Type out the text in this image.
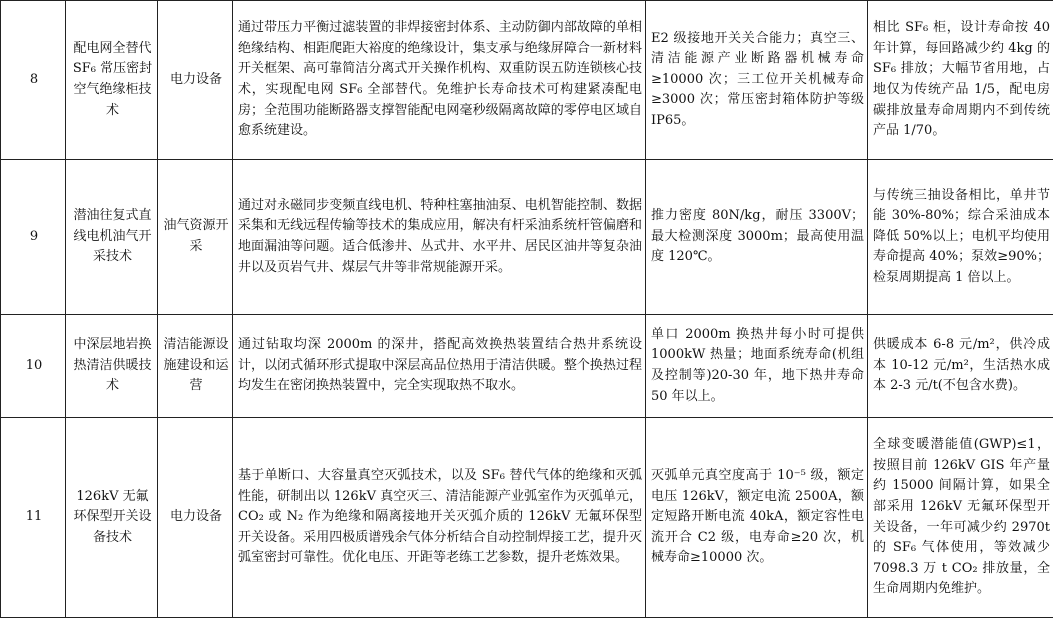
8	配电网全替代 SF₆ 常压密封空气绝缘柜技术	电力设备	通过带压力平衡过滤装置的非焊接密封体系、主动防御内部故障的单相绝缘结构、相距爬距大裕度的绝缘设计，集支承与绝缘屏障合一新材料开关框架、高可靠简洁分离式开关操作机构、双重防误五防连锁核心技术，实现配电网 SF₆ 全部替代。免维护长寿命技术可构建紧凑配电房；全范围功能断路器支撑智能配电网毫秒级隔离故障的零停电区域自愈系统建设。	E2 级接地开关关合能力；真空三、清洁能源产业断路器机械寿命≥10000 次；三工位开关机械寿命≥3000 次；常压密封箱体防护等级 IP65。	相比 SF₆ 柜，设计寿命按 40 年计算，每回路减少约 4kg 的 SF₆ 排放；大幅节省用地，占地仅为传统产品 1/5，配电房碳排放量寿命周期内不到传统产品 1/70。
9	潜油往复式直线电机油气开采技术	油气资源开采	通过对永磁同步变频直线电机、特种柱塞抽油泵、电机智能控制、数据采集和无线远程传输等技术的集成应用，解决有杆采油系统杆管偏磨和地面漏油等问题。适合低渗井、丛式井、水平井、居民区油井等复杂油井以及页岩气井、煤层气井等非常规能源开采。	推力密度 80N/kg，耐压 3300V；最大检测深度 3000m；最高使用温度 120℃。	与传统三抽设备相比，单井节能 30%-80%；综合采油成本降低 50%以上；电机平均使用寿命提高 40%；泵效≥90%；检泵周期提高 1 倍以上。
10	中深层地岩换热清洁供暖技术	清洁能源设施建设和运营	通过钻取均深 2000m 的深井，搭配高效换热装置结合热井系统设计，以闭式循环形式提取中深层高品位热用于清洁供暖。整个换热过程均发生在密闭换热装置中，完全实现取热不取水。	单口 2000m 换热井每小时可提供 1000kW 热量；地面系统寿命(机组及控制等)20-30 年，地下热井寿命 50 年以上。	供暖成本 6-8 元/m²，供冷成本 10-12 元/m²，生活热水成本 2-3 元/t(不包含水费)。
11	126kV 无氟环保型开关设备技术	电力设备	基于单断口、大容量真空灭弧技术，以及 SF₆ 替代气体的绝缘和灭弧性能，研制出以 126kV 真空灭三、清洁能源产业弧室作为灭弧单元，CO₂ 或 N₂ 作为绝缘和隔离接地开关灭弧介质的 126kV 无氟环保型开关设备。采用四极质谱残余气体分析结合自动控制焊接工艺，提升灭弧室密封可靠性。优化电压、开距等老练工艺参数，提升老炼效果。	灭弧单元真空度高于 10⁻⁵ 级，额定电压 126kV，额定电流 2500A，额定短路开断电流 40kA，额定容性电流开合 C2 级，电寿命≥20 次，机械寿命≥10000 次。	全球变暖潜能值(GWP)≤1，按照目前 126kV GIS 年产量约 15000 间隔计算，如果全部采用 126kV 无氟环保型开关设备，一年可减少约 2970t 的 SF₆ 气体使用，等效减少 7098.3 万 t CO₂ 排放量，全生命周期内免维护。
